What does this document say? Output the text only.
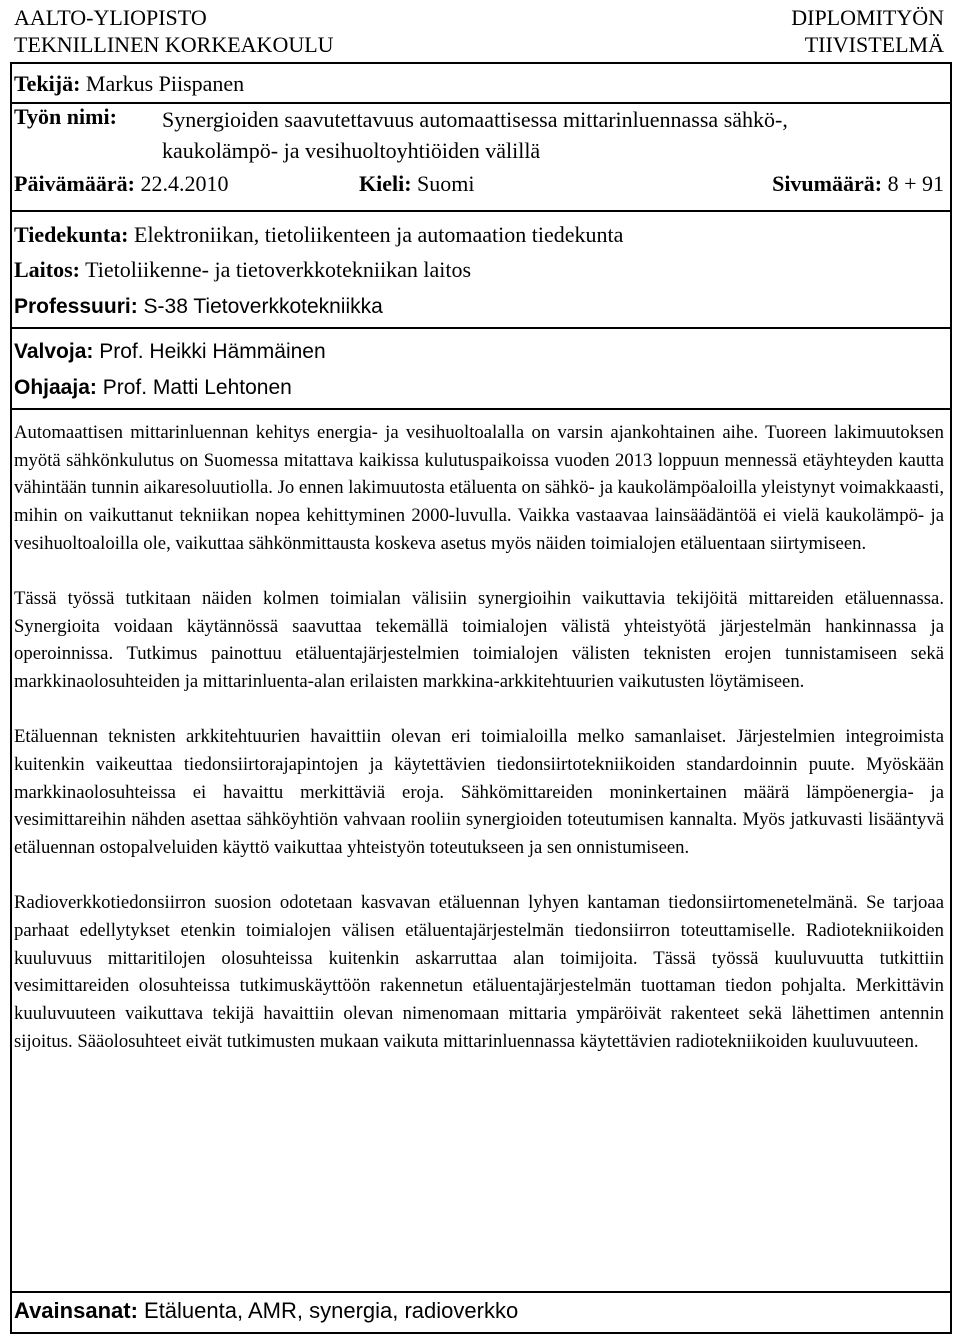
AALTO-YLIOPISTO
TEKNILLINEN KORKEAKOULU
DIPLOMITYÖN
TIIVISTELMÄ
Tekijä: Markus Piispanen
Työn nimi: Synergioiden saavutettavuus automaattisessa mittarinluennassa sähkö-,
kaukolämpö- ja vesihuoltoyhtiöiden välillä
Päivämäärä: 22.4.2010	Kieli: Suomi	Sivumäärä: 8 + 91
Tiedekunta: Elektroniikan, tietoliikenteen ja automaation tiedekunta
Laitos: Tietoliikenne- ja tietoverkkotekniikan laitos
Professuuri: S-38 Tietoverkkotekniikka
Valvoja: Prof. Heikki Hämmäinen
Ohjaaja: Prof. Matti Lehtonen

Automaattisen mittarinluennan kehitys energia- ja vesihuoltoalalla on varsin ajankohtainen aihe. Tuoreen lakimuutoksen myötä sähkönkulutus on Suomessa mitattava kaikissa kulutuspaikoissa vuoden 2013 loppuun mennessä etäyhteyden kautta vähintään tunnin aikaresoluutiolla. Jo ennen lakimuutosta etäluenta on sähkö- ja kaukolämpöaloilla yleistynyt voimakkaasti, mihin on vaikuttanut tekniikan nopea kehittyminen 2000-luvulla. Vaikka vastaavaa lainsäädäntöä ei vielä kaukolämpö- ja vesihuoltoaloilla ole, vaikuttaa sähkönmittausta koskeva asetus myös näiden toimialojen etäluentaan siirtymiseen.

Tässä työssä tutkitaan näiden kolmen toimialan välisiin synergioihin vaikuttavia tekijöitä mittareiden etäluennassa. Synergioita voidaan käytännössä saavuttaa tekemällä toimialojen välistä yhteistyötä järjestelmän hankinnassa ja operoinnissa. Tutkimus painottuu etäluentajärjestelmien toimialojen välisten teknisten erojen tunnistamiseen sekä markkinaolosuhteiden ja mittarinluenta-alan erilaisten markkina-arkkitehtuurien vaikutusten löytämiseen.

Etäluennan teknisten arkkitehtuurien havaittiin olevan eri toimialoilla melko samanlaiset. Järjestelmien integroimista kuitenkin vaikeuttaa tiedonsiirtorajapintojen ja käytettävien tiedonsiirtotekniikoiden standardoinnin puute. Myöskään markkinaolosuhteissa ei havaittu merkittäviä eroja. Sähkömittareiden moninkertainen määrä lämpöenergia- ja vesimittareihin nähden asettaa sähköyhtiön vahvaan rooliin synergioiden toteutumisen kannalta. Myös jatkuvasti lisääntyvä etäluennan ostopalveluiden käyttö vaikuttaa yhteistyön toteutukseen ja sen onnistumiseen.

Radioverkkotiedonsiirron suosion odotetaan kasvavan etäluennan lyhyen kantaman tiedonsiirtomenetelmänä. Se tarjoaa parhaat edellytykset etenkin toimialojen välisen etäluentajärjestelmän tiedonsiirron toteuttamiselle. Radiotekniikoiden kuuluvuus mittaritilojen olosuhteissa kuitenkin askarruttaa alan toimijoita. Tässä työssä kuuluvuutta tutkittiin vesimittareiden olosuhteissa tutkimuskäyttöön rakennetun etäluentajärjestelmän tuottaman tiedon pohjalta. Merkittävin kuuluvuuteen vaikuttava tekijä havaittiin olevan nimenomaan mittaria ympäröivät rakenteet sekä lähettimen antennin sijoitus. Sääolosuhteet eivät tutkimusten mukaan vaikuta mittarinluennassa käytettävien radiotekniikoiden kuuluvuuteen.

Avainsanat: Etäluenta, AMR, synergia, radioverkko
